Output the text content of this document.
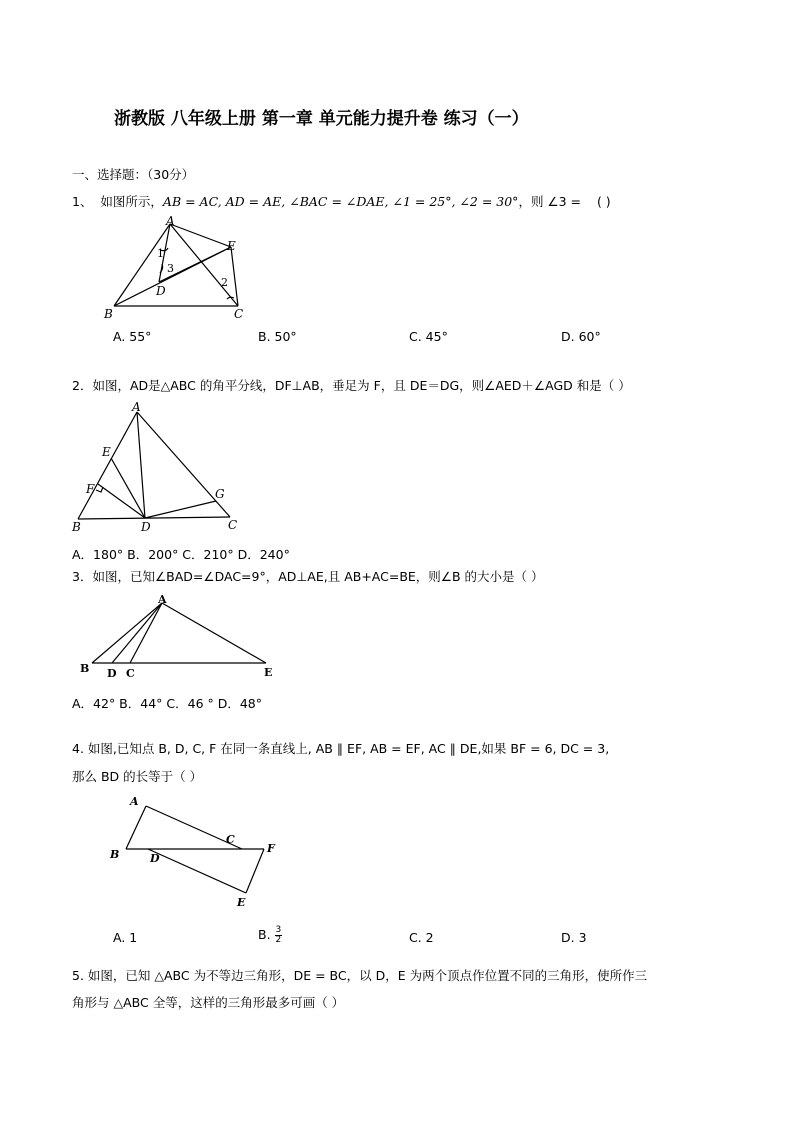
浙教版 八年级上册 第一章 单元能力提升卷 练习（一）
一、选择题：（30分）
1、 如图所示，AB = AC, AD = AE, ∠BAC = ∠DAE, ∠1 = 25°, ∠2 = 30°，则 ∠3 = ( )
A
B	C
D
E
1
2
3
A. 55°	B. 50°	C. 45°	D. 60°
2．如图，AD是△ABC 的角平分线，DF⊥AB，垂足为 F，且 DE＝DG，则∠AED＋∠AGD 和是（ ）
A
B	C
D
E
F	G
A．180° B．200° C．210° D．240°
3．如图，已知∠BAD=∠DAC=9°，AD⊥AE,且 AB+AC=BE，则∠B 的大小是（ ）
A
B D C	E
A．42° B．44° C．46 ° D．48°
4. 如图,已知点 B, D, C, F 在同一条直线上, AB ∥ EF, AB = EF, AC ∥ DE,如果 BF = 6, DC = 3,
那么 BD 的长等于（ ）
A
B
C
D
E
F
A. 1	B. $\frac{3}{2}$	C. 2	D. 3
5. 如图，已知 △ABC 为不等边三角形，DE = BC，以 D，E 为两个顶点作位置不同的三角形，使所作三
角形与 △ABC 全等，这样的三角形最多可画（ ）
